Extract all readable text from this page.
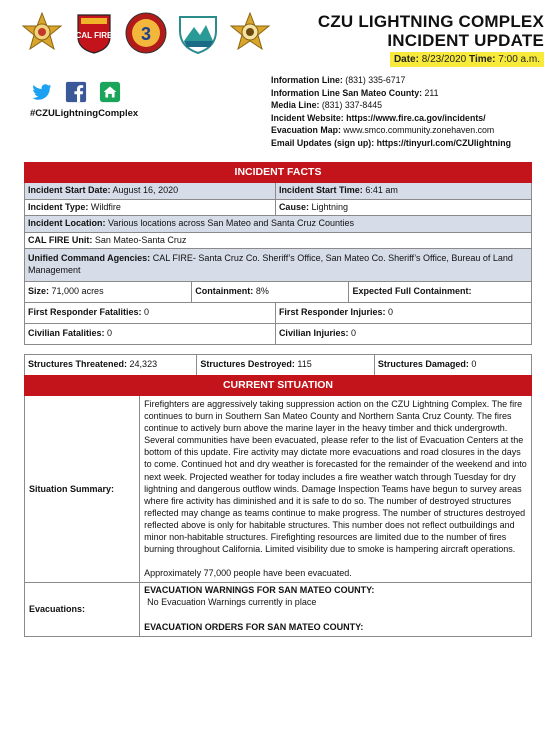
CAL FIRE 3
CZU LIGHTNING COMPLEX
INCIDENT UPDATE
Date: 8/23/2020 Time: 7:00 a.m.
#CZULightningComplex
Information Line: (831) 335-6717
Information Line San Mateo County: 211
Media Line: (831) 337-8445
Incident Website: https://www.fire.ca.gov/incidents/
Evacuation Map: www.smco.community.zonehaven.com
Email Updates (sign up): https://tinyurl.com/CZUlightning
INCIDENT FACTS			
Incident Start Date: August 16, 2020		Incident Start Time: 6:41 am	
Incident Type: Wildfire		Cause: Lightning	
Incident Location: Various locations across San Mateo and Santa Cruz Counties			
CAL FIRE Unit: San Mateo-Santa Cruz			
Unified Command Agencies: CAL FIRE- Santa Cruz Co. Sheriff’s Office, San Mateo Co. Sheriff’s Office, Bureau of Land Management			
Size: 71,000 acres	Containment: 8%		Expected Full Containment:
First Responder Fatalities: 0		First Responder Injuries: 0	
Civilian Fatalities: 0		Civilian Injuries: 0	
Structures Threatened: 24,323	Structures Destroyed: 115	Structures Damaged: 0
CURRENT SITUATION	
Situation Summary:	Firefighters are aggressively taking suppression action on the CZU Lightning Complex. The fire continues to burn in Southern San Mateo County and Northern Santa Cruz County. The fires continue to actively burn above the marine layer in the heavy timber and thick undergrowth. Several communities have been evacuated, please refer to the list of Evacuation Centers at the bottom of this update. Fire activity may dictate more evacuations and road closures in the days to come. Continued hot and dry weather is forecasted for the remainder of the weekend and into next week. Projected weather for today includes a fire weather watch through Tuesday for dry lightning and dangerous outflow winds. Damage Inspection Teams have begun to survey areas where fire activity has diminished and it is safe to do so. The number of destroyed structures reflected may change as teams continue to make progress. The number of structures destroyed reflected above is only for habitable structures. This number does not reflect outbuildings and minor non-habitable structures. Firefighting resources are limited due to the number of fires burning throughout California. Limited visibility due to smoke is hampering aircraft operations.
Approximately 77,000 people have been evacuated.

Evacuations:	EVACUATION WARNINGS FOR SAN MATEO COUNTY:
No Evacuation Warnings currently in place
EVACUATION ORDERS FOR SAN MATEO COUNTY:
